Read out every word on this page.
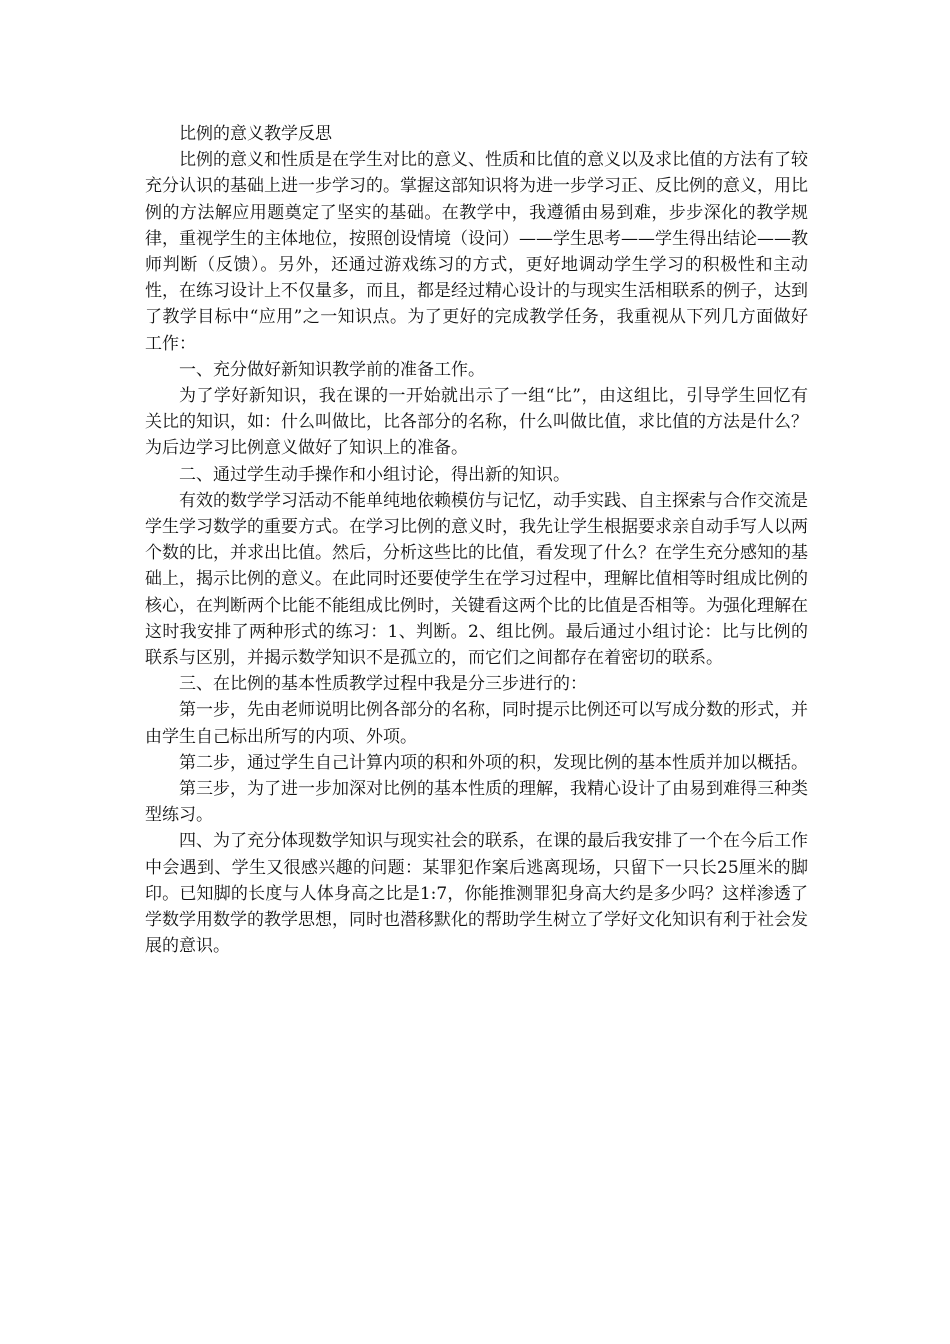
比例的意义教学反思

比例的意义和性质是在学生对比的意义、性质和比值的意义以及求比值的方法有了较充分认识的基础上进一步学习的。掌握这部知识将为进一步学习正、反比例的意义，用比例的方法解应用题奠定了坚实的基础。在教学中，我遵循由易到难，步步深化的教学规律，重视学生的主体地位，按照创设情境（设问）——学生思考——学生得出结论——教师判断（反馈）。另外，还通过游戏练习的方式，更好地调动学生学习的积极性和主动性，在练习设计上不仅量多，而且，都是经过精心设计的与现实生活相联系的例子，达到了教学目标中“应用”之一知识点。为了更好的完成教学任务，我重视从下列几方面做好工作：

一、充分做好新知识教学前的准备工作。

为了学好新知识，我在课的一开始就出示了一组“比”，由这组比，引导学生回忆有关比的知识，如：什么叫做比，比各部分的名称，什么叫做比值，求比值的方法是什么？为后边学习比例意义做好了知识上的准备。

二、通过学生动手操作和小组讨论，得出新的知识。

有效的数学学习活动不能单纯地依赖模仿与记忆，动手实践、自主探索与合作交流是学生学习数学的重要方式。在学习比例的意义时，我先让学生根据要求亲自动手写人以两个数的比，并求出比值。然后，分析这些比的比值，看发现了什么？在学生充分感知的基础上，揭示比例的意义。在此同时还要使学生在学习过程中，理解比值相等时组成比例的核心，在判断两个比能不能组成比例时，关键看这两个比的比值是否相等。为强化理解在这时我安排了两种形式的练习：1、判断。2、组比例。最后通过小组讨论：比与比例的联系与区别，并揭示数学知识不是孤立的，而它们之间都存在着密切的联系。

三、在比例的基本性质教学过程中我是分三步进行的：

第一步，先由老师说明比例各部分的名称，同时提示比例还可以写成分数的形式，并由学生自己标出所写的内项、外项。

第二步，通过学生自己计算内项的积和外项的积，发现比例的基本性质并加以概括。

第三步，为了进一步加深对比例的基本性质的理解，我精心设计了由易到难得三种类型练习。

四、为了充分体现数学知识与现实社会的联系，在课的最后我安排了一个在今后工作中会遇到、学生又很感兴趣的问题：某罪犯作案后逃离现场，只留下一只长25厘米的脚印。已知脚的长度与人体身高之比是1:7，你能推测罪犯身高大约是多少吗？这样渗透了学数学用数学的教学思想，同时也潜移默化的帮助学生树立了学好文化知识有利于社会发展的意识。
